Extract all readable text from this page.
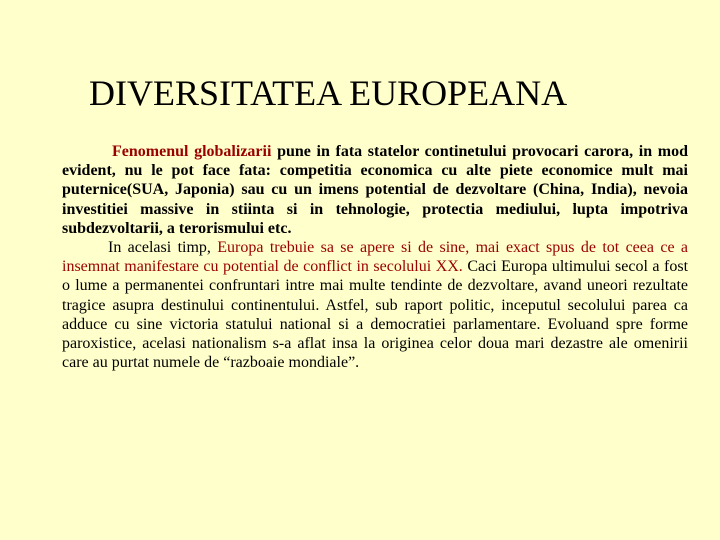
DIVERSITATEA EUROPEANA

Fenomenul globalizarii pune in fata statelor continetului provocari carora, in mod evident, nu le pot face fata: competitia economica cu alte piete economice mult mai puternice(SUA, Japonia) sau cu un imens potential de dezvoltare (China, India), nevoia investitiei massive in stiinta si in tehnologie, protectia mediului, lupta impotriva subdezvoltarii, a terorismului etc.

In acelasi timp, Europa trebuie sa se apere si de sine, mai exact spus de tot ceea ce a insemnat manifestare cu potential de conflict in secolului XX. Caci Europa ultimului secol a fost o lume a permanentei confruntari intre mai multe tendinte de dezvoltare, avand uneori rezultate tragice asupra destinului continentului. Astfel, sub raport politic, inceputul secolului parea ca adduce cu sine victoria statului national si a democratiei parlamentare. Evoluand spre forme paroxistice, acelasi nationalism s-a aflat insa la originea celor doua mari dezastre ale omenirii care au purtat numele de “razboaie mondiale”.
